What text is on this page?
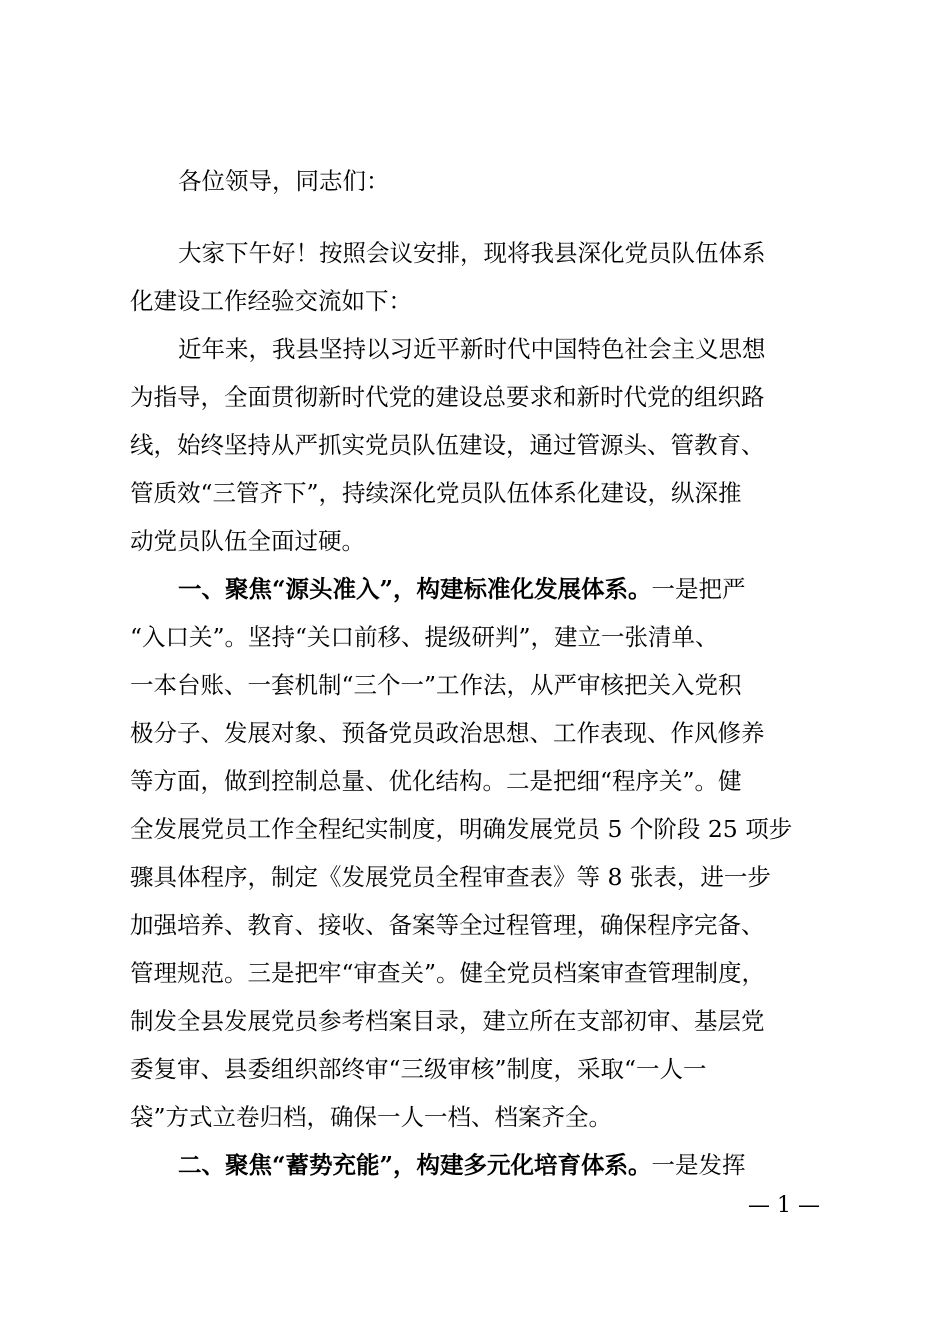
各位领导，同志们：
大家下午好！按照会议安排，现将我县深化党员队伍体系
化建设工作经验交流如下：
近年来，我县坚持以习近平新时代中国特色社会主义思想
为指导，全面贯彻新时代党的建设总要求和新时代党的组织路
线，始终坚持从严抓实党员队伍建设，通过管源头、管教育、
管质效“三管齐下”，持续深化党员队伍体系化建设，纵深推
动党员队伍全面过硬。
一、聚焦“源头准入”，构建标准化发展体系。一是把严
“入口关”。坚持“关口前移、提级研判”，建立一张清单、
一本台账、一套机制“三个一”工作法，从严审核把关入党积
极分子、发展对象、预备党员政治思想、工作表现、作风修养
等方面，做到控制总量、优化结构。二是把细“程序关”。健
全发展党员工作全程纪实制度，明确发展党员 5 个阶段 25 项步
骤具体程序，制定《发展党员全程审查表》等 8 张表，进一步
加强培养、教育、接收、备案等全过程管理，确保程序完备、
管理规范。三是把牢“审查关”。健全党员档案审查管理制度，
制发全县发展党员参考档案目录，建立所在支部初审、基层党
委复审、县委组织部终审“三级审核”制度，采取“一人一
袋”方式立卷归档，确保一人一档、档案齐全。
二、聚焦“蓄势充能”，构建多元化培育体系。一是发挥
— 1 —
